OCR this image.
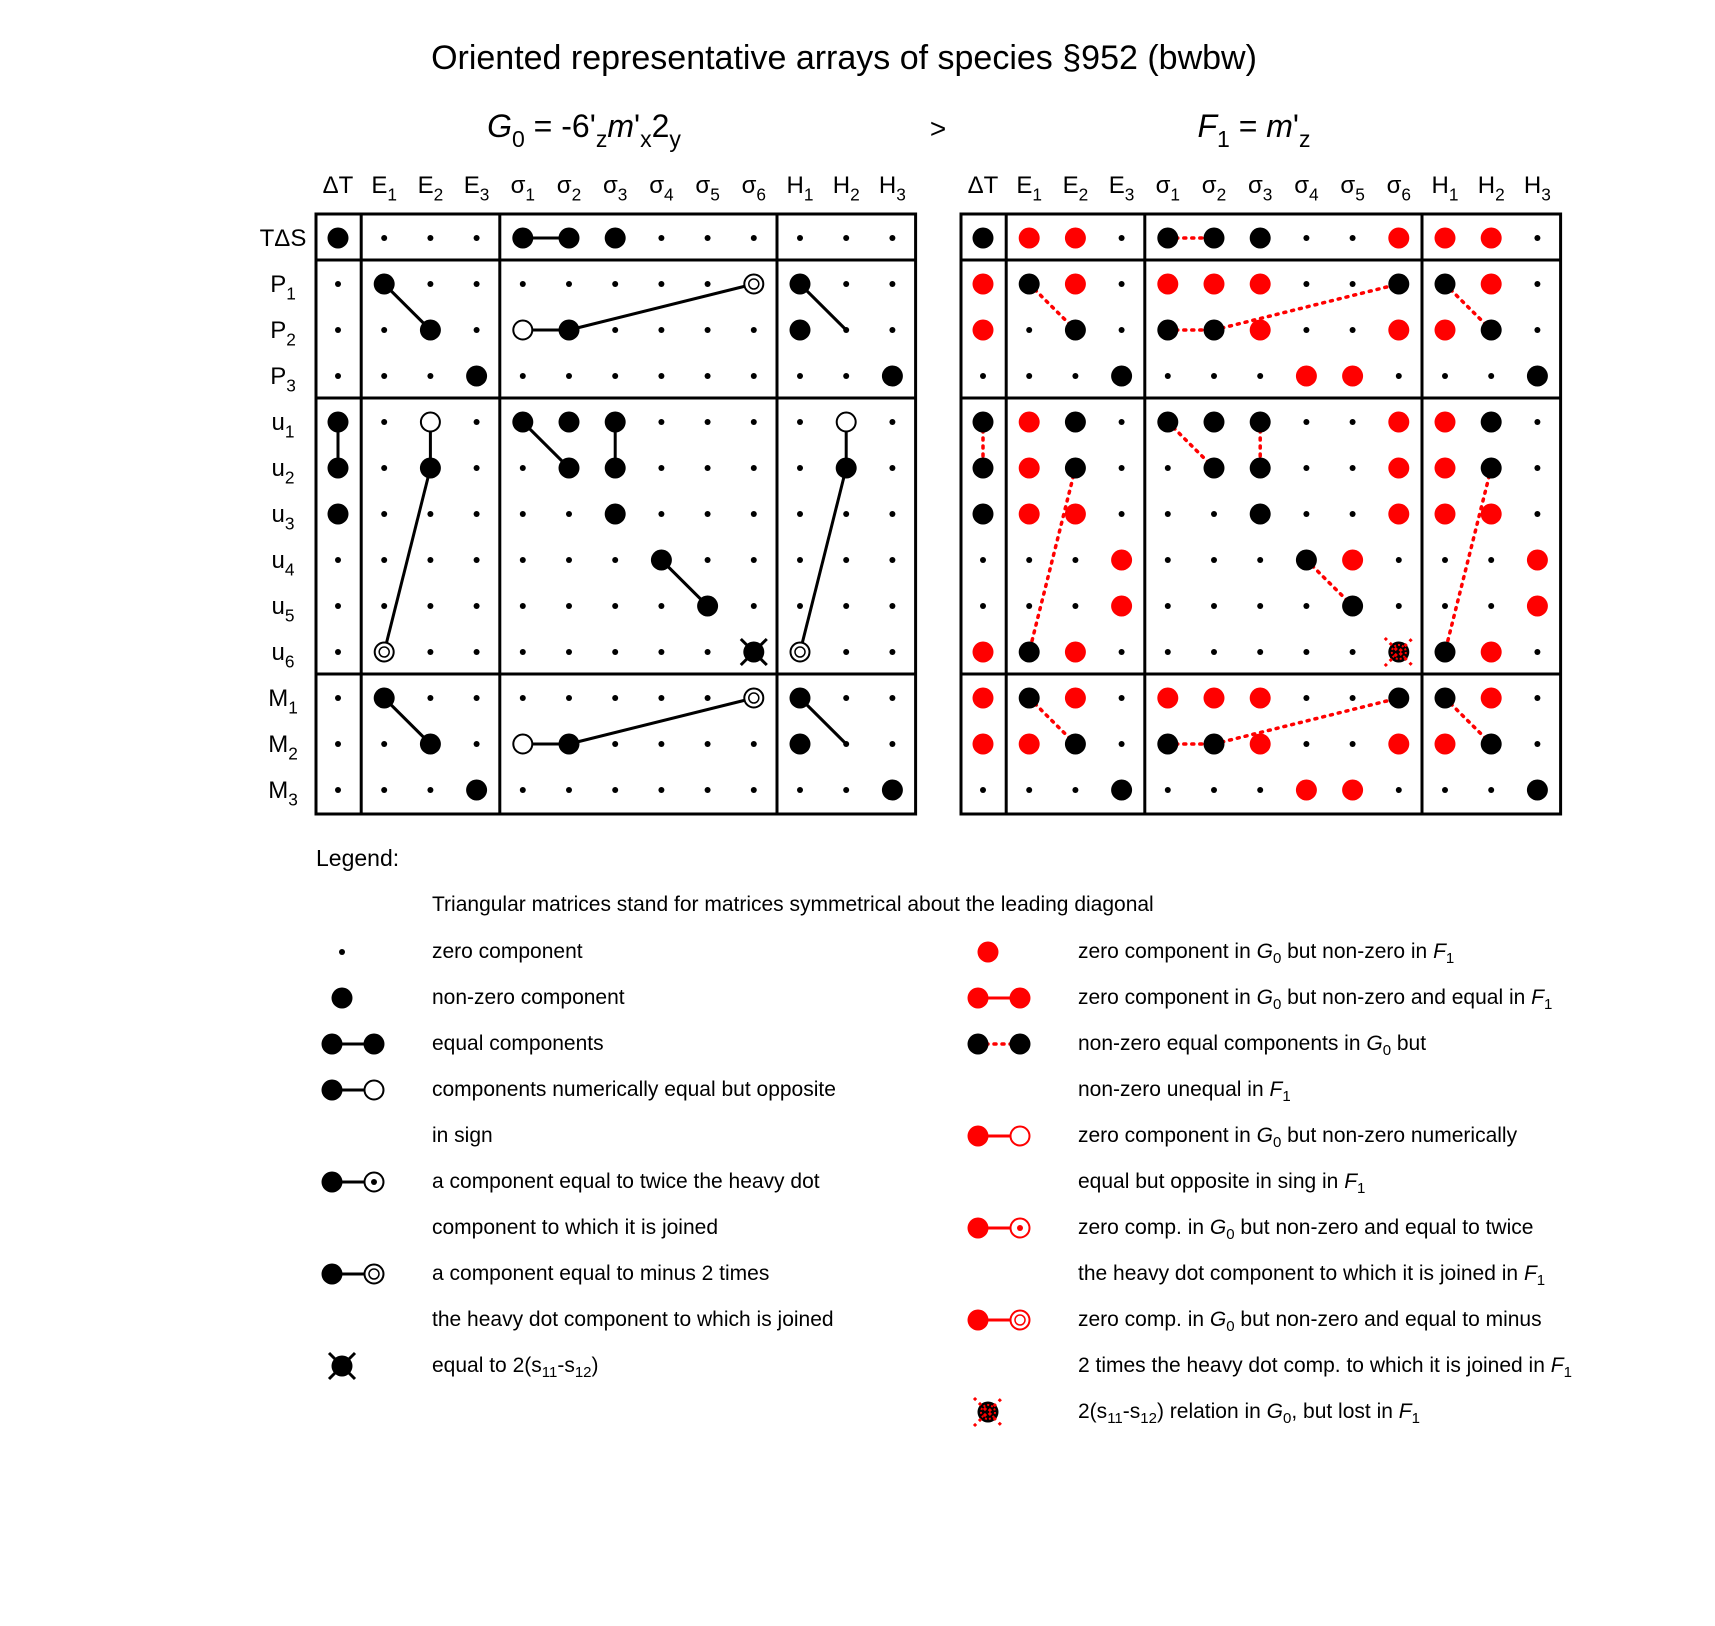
Oriented representative arrays of species §952 (bwbw)
>
$G_0 = -6'_zm'_x2_y$	$F_1 = m'_z$
ΔT $E_1$ $E_2$ $E_3$ $\sigma_1$ $\sigma_2$ $\sigma_3$ $\sigma_4$ $\sigma_5$ $\sigma_6$ $H_1$ $H_2$ $H_3$
TΔS
$P_1$
$P_2$
$P_3$
$u_1$
$u_2$
$u_3$
$u_4$
$u_5$
$u_6$
$M_1$
$M_2$
$M_3$
ΔT $E_1$ $E_2$ $E_3$ $\sigma_1$ $\sigma_2$ $\sigma_3$ $\sigma_4$ $\sigma_5$ $\sigma_6$ $H_1$ $H_2$ $H_3$
Legend:
Triangular matrices stand for matrices symmetrical about the leading diagonal
zero component
non-zero component
equal components
components numerically equal but opposite
in sign
a component equal to twice the heavy dot
component to which it is joined
a component equal to minus 2 times
the heavy dot component to which is joined
equal to $2(s_{11}-s_{12})$
zero component in $G_0$ but non-zero in $F_1$
zero component in $G_0$ but non-zero and equal in $F_1$
non-zero equal components in $G_0$ but
non-zero unequal in $F_1$
zero component in $G_0$ but non-zero numerically
equal but opposite in sing in $F_1$
zero comp. in $G_0$ but non-zero and equal to twice
the heavy dot component to which it is joined in $F_1$
zero comp. in $G_0$ but non-zero and equal to minus
2 times the heavy dot comp. to which it is joined in $F_1$
$2(s_{11}-s_{12})$ relation in $G_0$, but lost in $F_1$
